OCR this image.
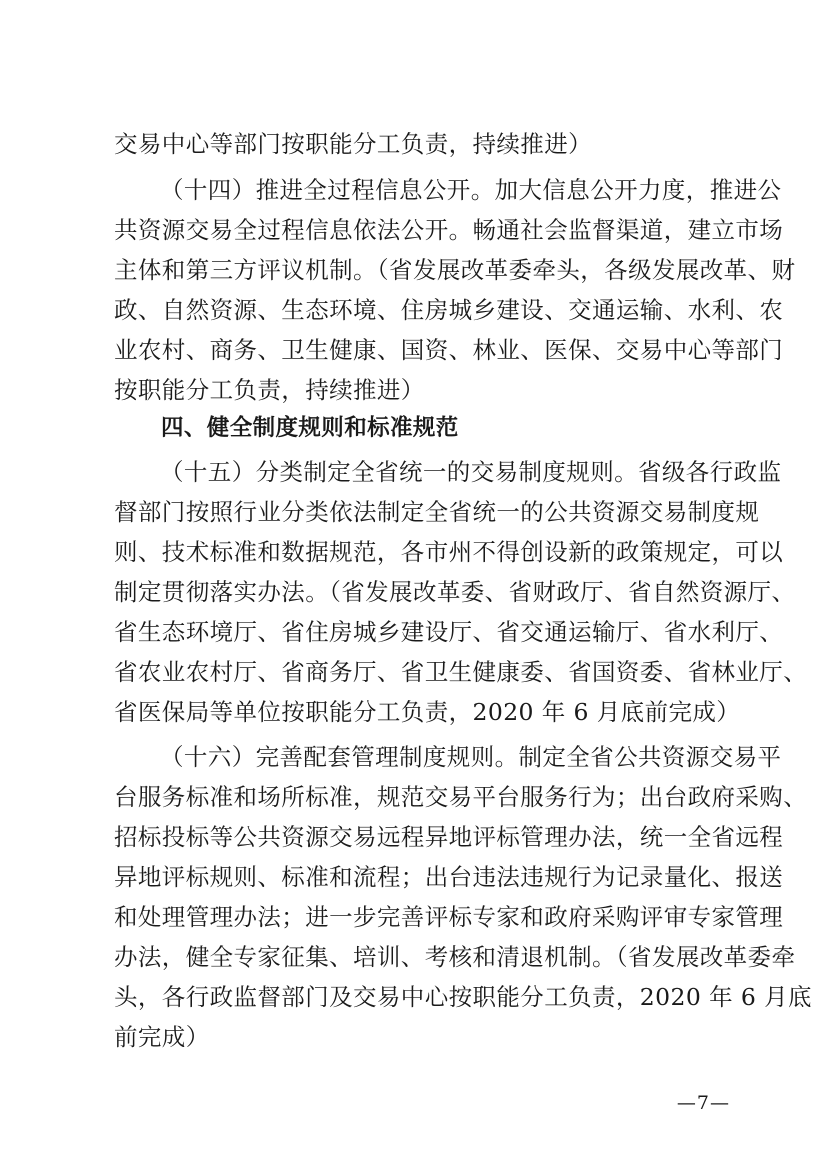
交易中心等部门按职能分工负责，持续推进）
（十四）推进全过程信息公开。加大信息公开力度，推进公
共资源交易全过程信息依法公开。畅通社会监督渠道，建立市场
主体和第三方评议机制。（省发展改革委牵头，各级发展改革、财
政、自然资源、生态环境、住房城乡建设、交通运输、水利、农
业农村、商务、卫生健康、国资、林业、医保、交易中心等部门
按职能分工负责，持续推进）
四、健全制度规则和标准规范
（十五）分类制定全省统一的交易制度规则。省级各行政监
督部门按照行业分类依法制定全省统一的公共资源交易制度规
则、技术标准和数据规范，各市州不得创设新的政策规定，可以
制定贯彻落实办法。（省发展改革委、省财政厅、省自然资源厅、
省生态环境厅、省住房城乡建设厅、省交通运输厅、省水利厅、
省农业农村厅、省商务厅、省卫生健康委、省国资委、省林业厅、
省医保局等单位按职能分工负责，2020 年 6 月底前完成）
（十六）完善配套管理制度规则。制定全省公共资源交易平
台服务标准和场所标准，规范交易平台服务行为；出台政府采购、
招标投标等公共资源交易远程异地评标管理办法，统一全省远程
异地评标规则、标准和流程；出台违法违规行为记录量化、报送
和处理管理办法；进一步完善评标专家和政府采购评审专家管理
办法，健全专家征集、培训、考核和清退机制。（省发展改革委牵
头，各行政监督部门及交易中心按职能分工负责，2020 年 6 月底
前完成）
—7—
